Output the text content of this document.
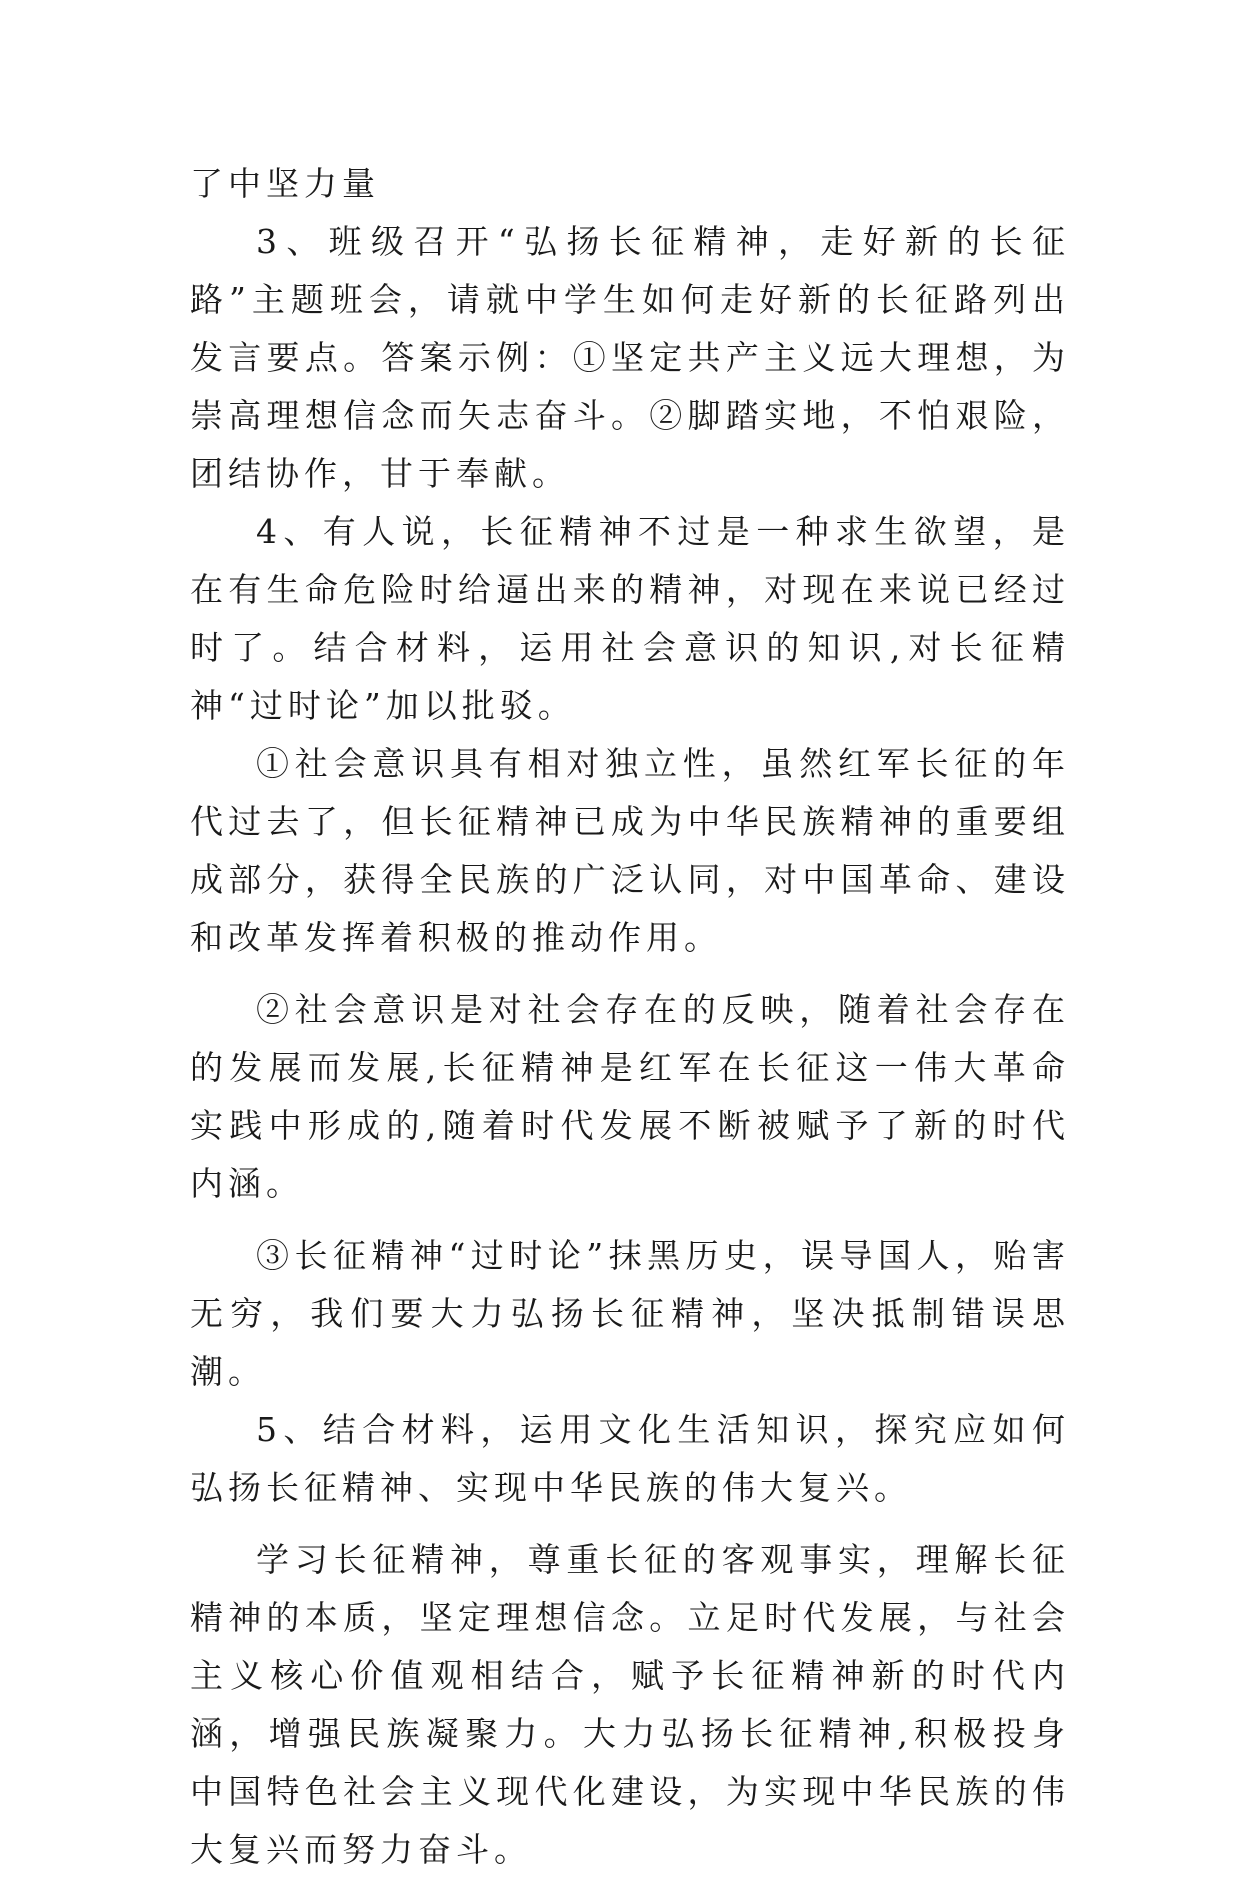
了中坚力量

3、班级召开“弘扬长征精神，走好新的长征路”主题班会，请就中学生如何走好新的长征路列出发言要点。答案示例：①坚定共产主义远大理想，为崇高理想信念而矢志奋斗。②脚踏实地，不怕艰险，团结协作，甘于奉献。

4、有人说，长征精神不过是一种求生欲望，是在有生命危险时给逼出来的精神，对现在来说已经过时了。结合材料，运用社会意识的知识,对长征精神“过时论”加以批驳。

①社会意识具有相对独立性，虽然红军长征的年代过去了，但长征精神已成为中华民族精神的重要组成部分，获得全民族的广泛认同，对中国革命、建设和改革发挥着积极的推动作用。

②社会意识是对社会存在的反映，随着社会存在的发展而发展,长征精神是红军在长征这一伟大革命实践中形成的,随着时代发展不断被赋予了新的时代内涵。

③长征精神“过时论”抹黑历史，误导国人，贻害无穷，我们要大力弘扬长征精神，坚决抵制错误思潮。

5、结合材料，运用文化生活知识，探究应如何弘扬长征精神、实现中华民族的伟大复兴。

学习长征精神，尊重长征的客观事实，理解长征精神的本质，坚定理想信念。立足时代发展，与社会主义核心价值观相结合，赋予长征精神新的时代内涵，增强民族凝聚力。大力弘扬长征精神,积极投身中国特色社会主义现代化建设，为实现中华民族的伟大复兴而努力奋斗。
